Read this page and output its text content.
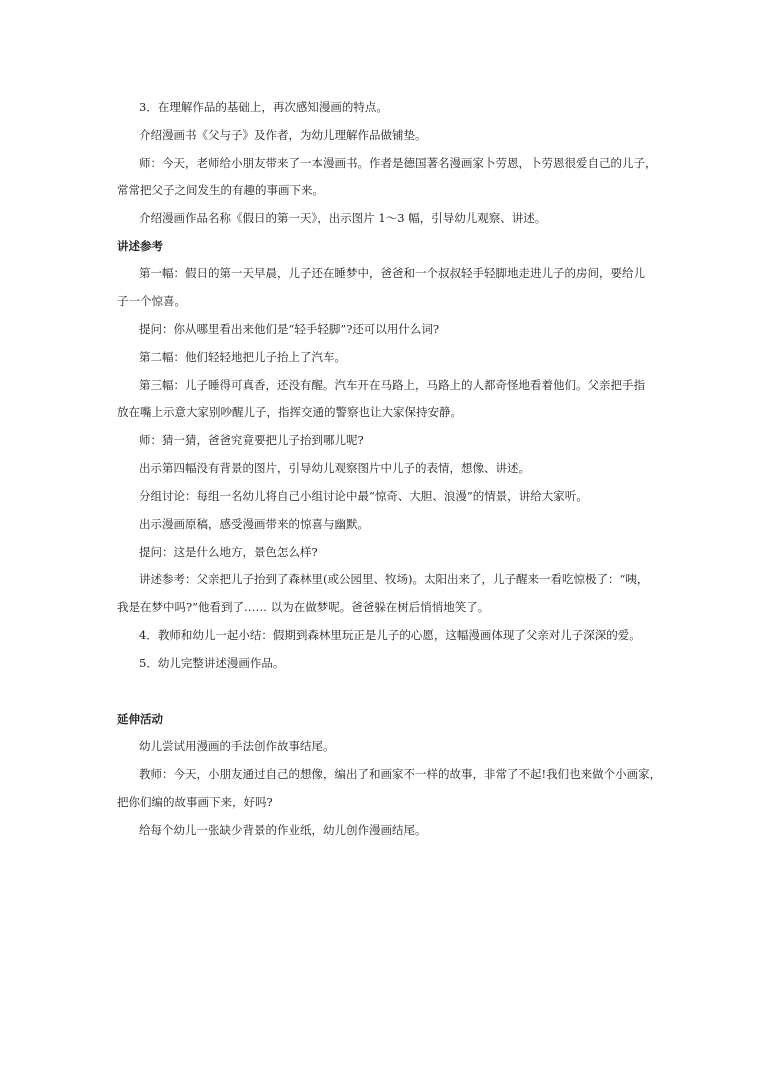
3．在理解作品的基础上，再次感知漫画的特点。
介绍漫画书《父与子》及作者，为幼儿理解作品做铺垫。
师：今天，老师给小朋友带来了一本漫画书。作者是德国著名漫画家卜劳恩，卜劳恩很爱自己的儿子，
常常把父子之间发生的有趣的事画下来。
介绍漫画作品名称《假日的第一天》，出示图片 1～3 幅，引导幼儿观察、讲述。
讲述参考
第一幅：假日的第一天早晨，儿子还在睡梦中，爸爸和一个叔叔轻手轻脚地走进儿子的房间，要给儿
子一个惊喜。
提问：你从哪里看出来他们是“轻手轻脚”?还可以用什么词?
第二幅：他们轻轻地把儿子抬上了汽车。
第三幅：儿子睡得可真香，还没有醒。汽车开在马路上，马路上的人都奇怪地看着他们。父亲把手指
放在嘴上示意大家别吵醒儿子，指挥交通的警察也让大家保持安静。
师：猜一猜，爸爸究竟要把儿子抬到哪儿呢?
出示第四幅没有背景的图片，引导幼儿观察图片中儿子的表情，想像、讲述。
分组讨论：每组一名幼儿将自己小组讨论中最“惊奇、大胆、浪漫”的情景，讲给大家听。
出示漫画原稿，感受漫画带来的惊喜与幽默。
提问：这是什么地方，景色怎么样?
讲述参考：父亲把儿子抬到了森林里(或公园里、牧场)。太阳出来了，儿子醒来一看吃惊极了：“咦，
我是在梦中吗?”他看到了…… 以为在做梦呢。爸爸躲在树后悄悄地笑了。
4．教师和幼儿一起小结：假期到森林里玩正是儿子的心愿，这幅漫画体现了父亲对儿子深深的爱。
5．幼儿完整讲述漫画作品。
延伸活动
幼儿尝试用漫画的手法创作故事结尾。
教师：今天，小朋友通过自己的想像，编出了和画家不一样的故事，非常了不起!我们也来做个小画家，
把你们编的故事画下来，好吗?
给每个幼儿一张缺少背景的作业纸，幼儿创作漫画结尾。
